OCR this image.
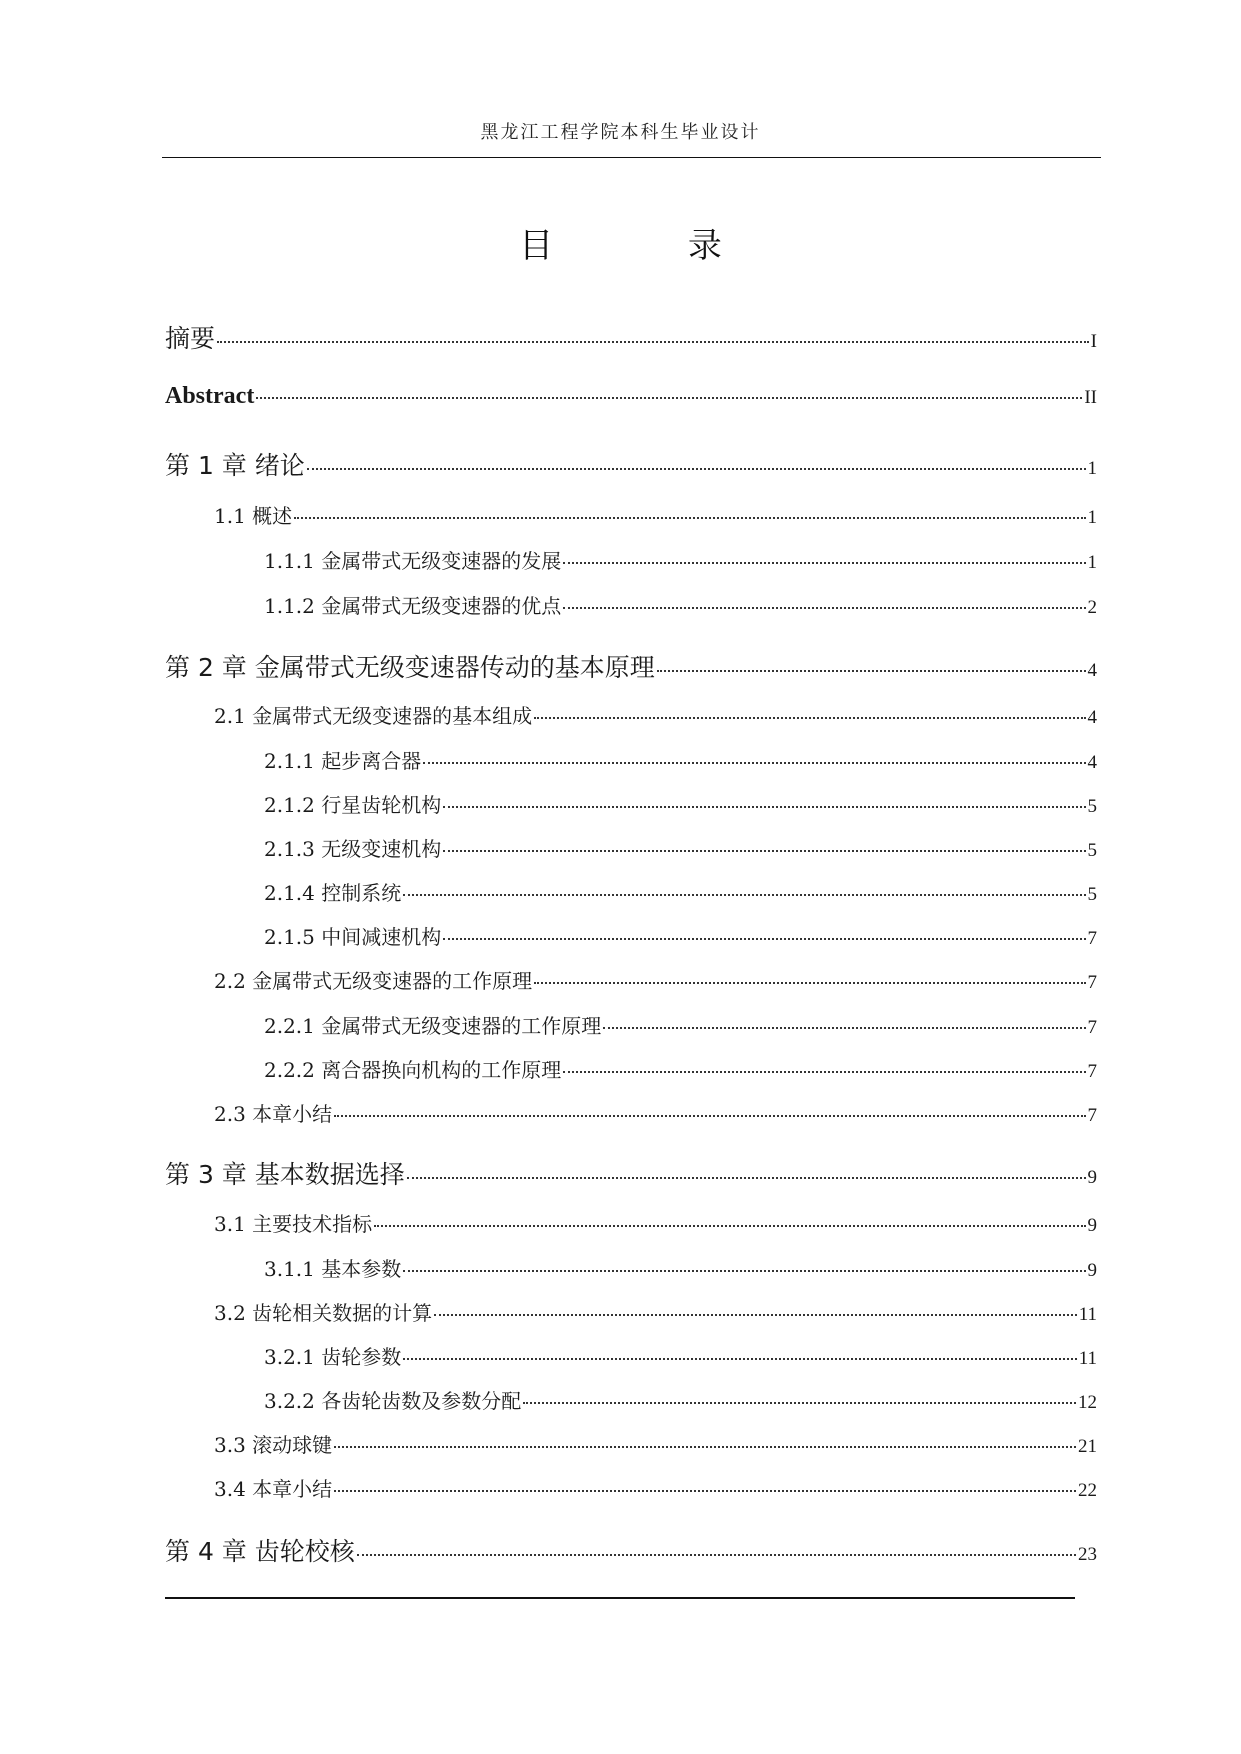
黑龙江工程学院本科生毕业设计
目 录
摘要	I
Abstract	II
第 1 章 绪论	1
1.1 概述	1
1.1.1 金属带式无级变速器的发展	1
1.1.2 金属带式无级变速器的优点	2
第 2 章 金属带式无级变速器传动的基本原理	4
2.1 金属带式无级变速器的基本组成	4
2.1.1 起步离合器	4
2.1.2 行星齿轮机构	5
2.1.3 无级变速机构	5
2.1.4 控制系统	5
2.1.5 中间减速机构	7
2.2 金属带式无级变速器的工作原理	7
2.2.1 金属带式无级变速器的工作原理	7
2.2.2 离合器换向机构的工作原理	7
2.3 本章小结	7
第 3 章 基本数据选择	9
3.1 主要技术指标	9
3.1.1 基本参数	9
3.2 齿轮相关数据的计算	11
3.2.1 齿轮参数	11
3.2.2 各齿轮齿数及参数分配	12
3.3 滚动球键	21
3.4 本章小结	22
第 4 章 齿轮校核	23
